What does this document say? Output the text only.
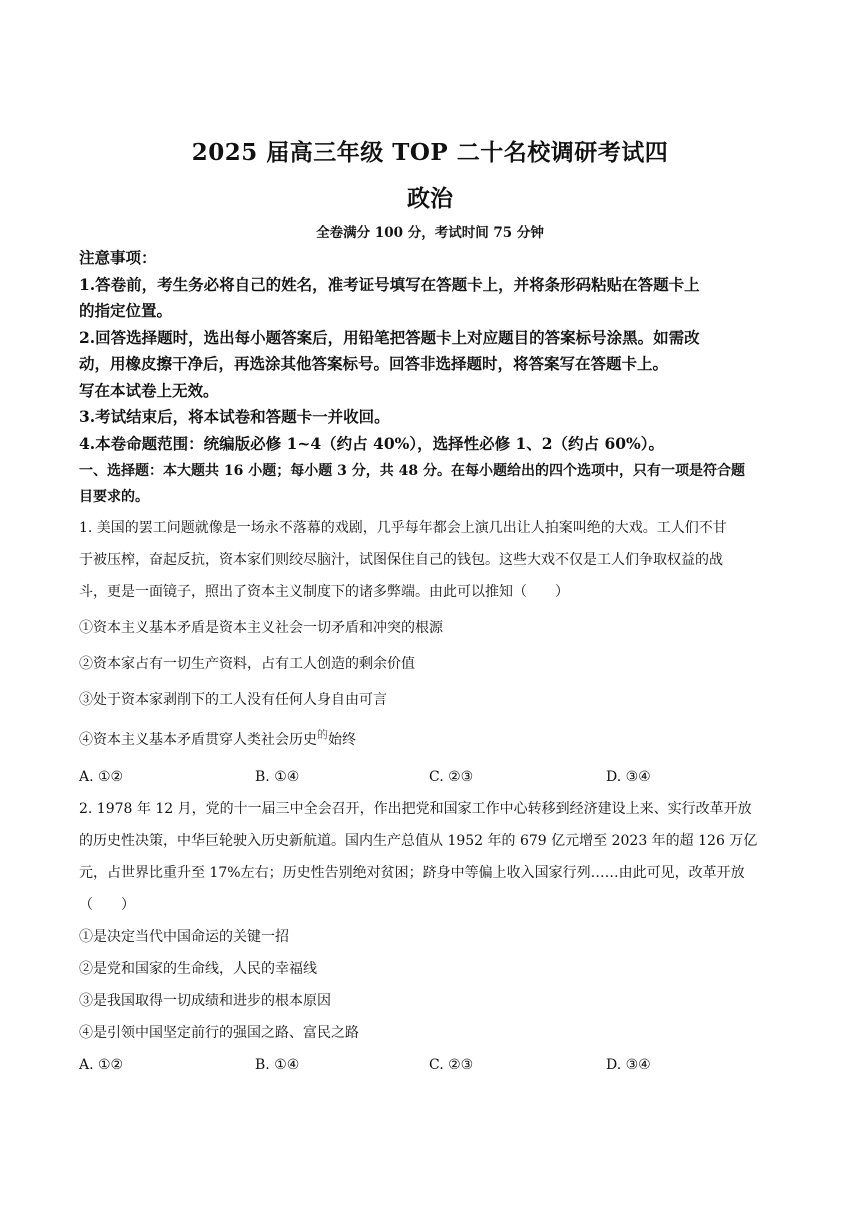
2025 届高三年级 TOP 二十名校调研考试四
政治
全卷满分 100 分，考试时间 75 分钟
注意事项：
1.答卷前，考生务必将自己的姓名，准考证号填写在答题卡上，并将条形码粘贴在答题卡上
的指定位置。
2.回答选择题时，选出每小题答案后，用铅笔把答题卡上对应题目的答案标号涂黑。如需改
动，用橡皮擦干净后，再选涂其他答案标号。回答非选择题时，将答案写在答题卡上。
写在本试卷上无效。
3.考试结束后，将本试卷和答题卡一并收回。
4.本卷命题范围：统编版必修 1~4（约占 40%），选择性必修 1、2（约占 60%）。
一、选择题：本大题共 16 小题；每小题 3 分，共 48 分。在每小题给出的四个选项中，只有一项是符合题
目要求的。
1. 美国的罢工问题就像是一场永不落幕的戏剧，几乎每年都会上演几出让人拍案叫绝的大戏。工人们不甘
于被压榨，奋起反抗，资本家们则绞尽脑汁，试图保住自己的钱包。这些大戏不仅是工人们争取权益的战
斗，更是一面镜子，照出了资本主义制度下的诸多弊端。由此可以推知（　　）
①资本主义基本矛盾是资本主义社会一切矛盾和冲突的根源
②资本家占有一切生产资料，占有工人创造的剩余价值
③处于资本家剥削下的工人没有任何人身自由可言
④资本主义基本矛盾贯穿人类社会历史$^的$始终
A. ①②	B. ①④	C. ②③	D. ③④
2. 1978 年 12 月，党的十一届三中全会召开，作出把党和国家工作中心转移到经济建设上来、实行改革开放
的历史性决策，中华巨轮驶入历史新航道。国内生产总值从 1952 年的 679 亿元增至 2023 年的超 126 万亿
元，占世界比重升至 17%左右；历史性告别绝对贫困；跻身中等偏上收入国家行列……由此可见，改革开放
（　　）
①是决定当代中国命运的关键一招
②是党和国家的生命线，人民的幸福线
③是我国取得一切成绩和进步的根本原因
④是引领中国坚定前行的强国之路、富民之路
A. ①②	B. ①④	C. ②③	D. ③④
